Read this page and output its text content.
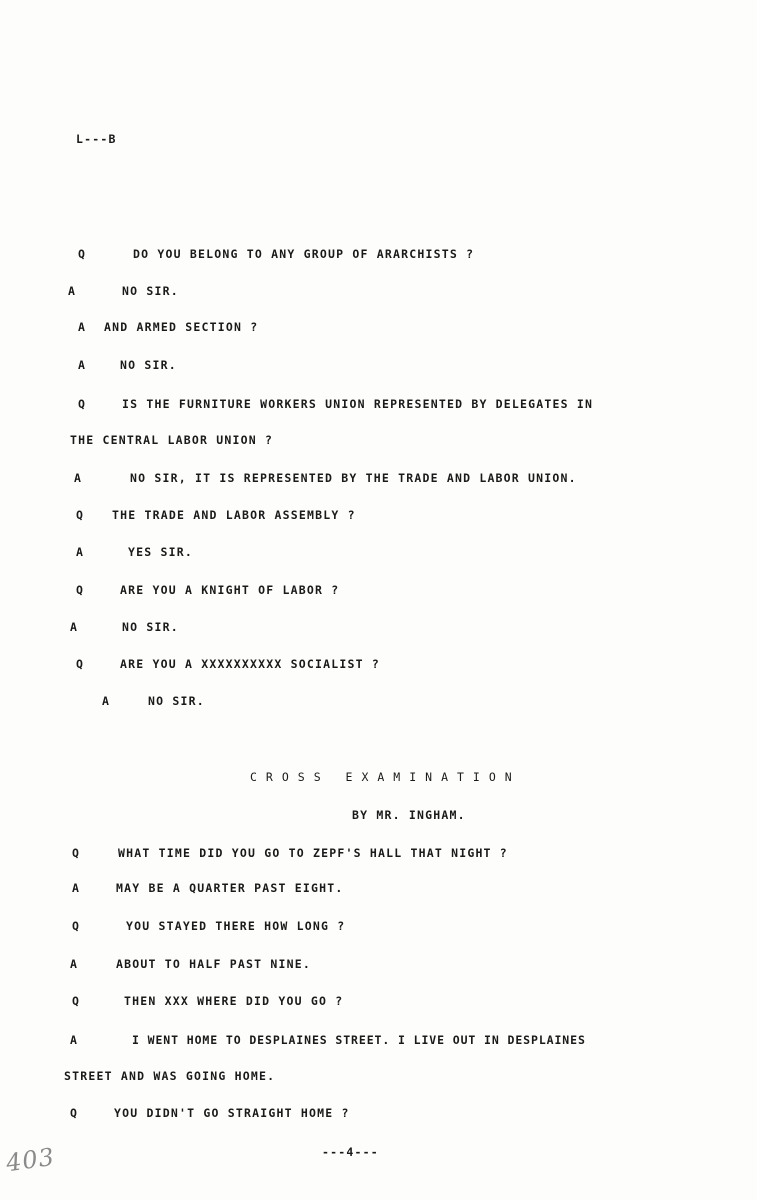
L---B
Q	DO YOU BELONG TO ANY GROUP OF ARARCHISTS ?
A	NO SIR.
A AND ARMED SECTION ?
A	NO SIR.
Q	IS THE FURNITURE WORKERS UNION REPRESENTED BY DELEGATES IN
THE CENTRAL LABOR UNION ?
A	NO SIR, IT IS REPRESENTED BY THE TRADE AND LABOR UNION.
Q	THE TRADE AND LABOR ASSEMBLY ?
A	YES SIR.
Q	ARE YOU A KNIGHT OF LABOR ?
A	NO SIR.
Q	ARE YOU A XXXXXXXXXX SOCIALIST ?
A	NO SIR.
CROSS EXAMINATION
BY MR. INGHAM.
Q	WHAT TIME DID YOU GO TO ZEPF'S HALL THAT NIGHT ?
A	MAY BE A QUARTER PAST EIGHT.
Q	YOU STAYED THERE HOW LONG ?
A	ABOUT TO HALF PAST NINE.
Q	THEN XXX WHERE DID YOU GO ?
A	I WENT HOME TO DESPLAINES STREET. I LIVE OUT IN DESPLAINES
STREET AND WAS GOING HOME.
Q	YOU DIDN'T GO STRAIGHT HOME ?
---4---
403
